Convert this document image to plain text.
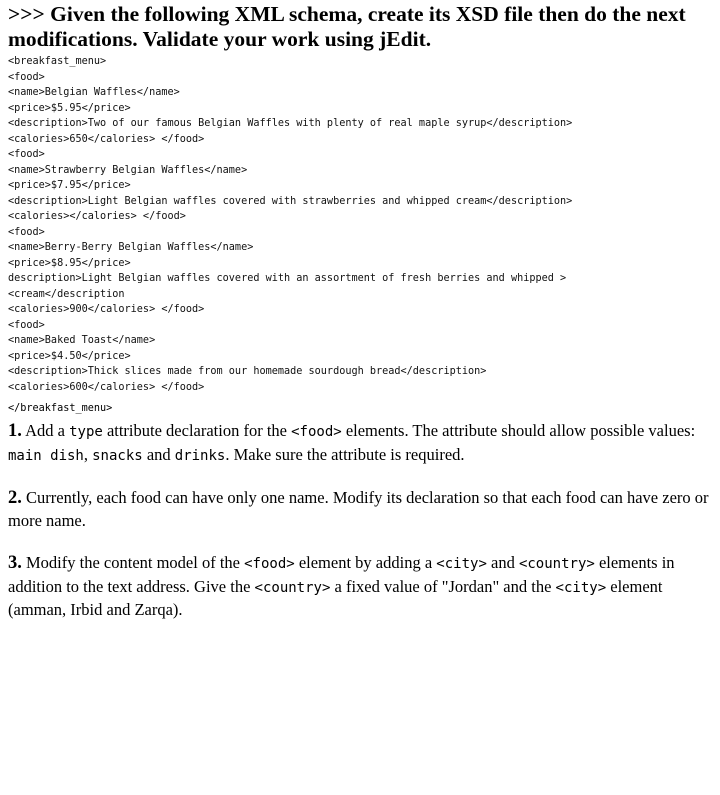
>>> Given the following XML schema, create its XSD file then do the next modifications. Validate your work using jEdit.
<breakfast_menu>
<food>
<name>Belgian Waffles</name>
<price>$5.95</price>
<description>Two of our famous Belgian Waffles with plenty of real maple syrup</description>
<calories>650</calories> </food>
<food>
<name>Strawberry Belgian Waffles</name>
<price>$7.95</price>
<description>Light Belgian waffles covered with strawberries and whipped cream</description>
<calories></calories> </food>
<food>
<name>Berry-Berry Belgian Waffles</name>
<price>$8.95</price>
description>Light Belgian waffles covered with an assortment of fresh berries and whipped >
<cream</description
<calories>900</calories> </food>
<food>
<name>Baked Toast</name>
<price>$4.50</price>
<description>Thick slices made from our homemade sourdough bread</description>
<calories>600</calories> </food>
</breakfast_menu>

1. Add a type attribute declaration for the <food> elements. The attribute should allow possible values: main dish, snacks and drinks. Make sure the attribute is required.

2. Currently, each food can have only one name. Modify its declaration so that each food can have zero or more name.

3. Modify the content model of the <food> element by adding a <city> and <country> elements in addition to the text address. Give the <country> a fixed value of "Jordan" and the <city> element (amman, Irbid and Zarqa).
